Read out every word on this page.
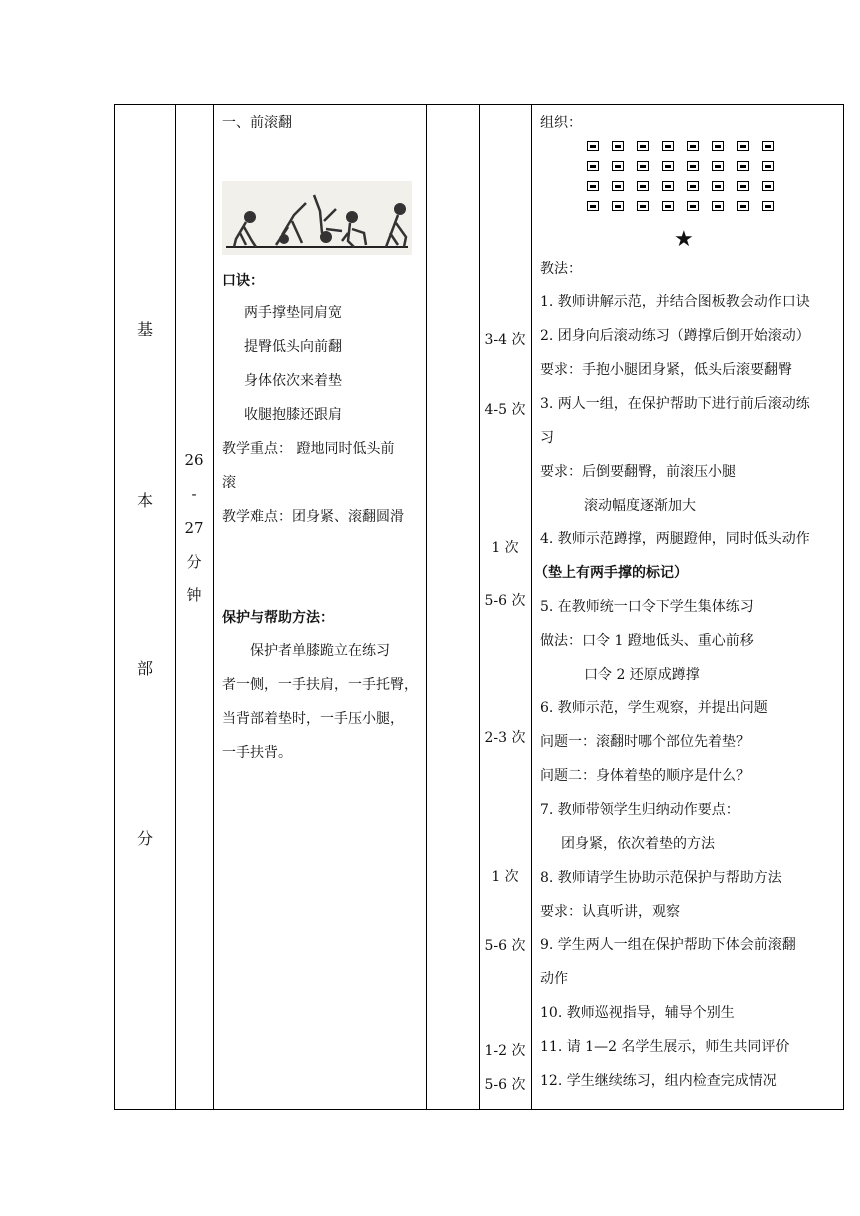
基
本
部
分
26
-
27
分
钟
一、前滚翻
口诀：
两手撑垫同肩宽
提臀低头向前翻
身体依次来着垫
收腿抱膝还跟肩
教学重点： 蹬地同时低头前
滚
教学难点：团身紧、滚翻圆滑
保护与帮助方法：
保护者单膝跪立在练习
者一侧，一手扶肩，一手托臀，
当背部着垫时，一手压小腿，
一手扶背。
3-4 次
4-5 次
1 次
5-6 次
2-3 次
1 次
5-6 次
1-2 次
5-6 次
组织：
★
教法：
1. 教师讲解示范，并结合图板教会动作口诀
2. 团身向后滚动练习（蹲撑后倒开始滚动）
要求：手抱小腿团身紧，低头后滚要翻臀
3. 两人一组，在保护帮助下进行前后滚动练
习
要求：后倒要翻臀，前滚压小腿
滚动幅度逐渐加大
4. 教师示范蹲撑，两腿蹬伸，同时低头动作
（垫上有两手撑的标记）
5. 在教师统一口令下学生集体练习
做法：口令 1 蹬地低头、重心前移
口令 2 还原成蹲撑
6. 教师示范，学生观察，并提出问题
问题一：滚翻时哪个部位先着垫？
问题二：身体着垫的顺序是什么？
7. 教师带领学生归纳动作要点：
团身紧，依次着垫的方法
8. 教师请学生协助示范保护与帮助方法
要求：认真听讲，观察
9. 学生两人一组在保护帮助下体会前滚翻
动作
10. 教师巡视指导，辅导个别生
11. 请 1—2 名学生展示，师生共同评价
12. 学生继续练习，组内检查完成情况
